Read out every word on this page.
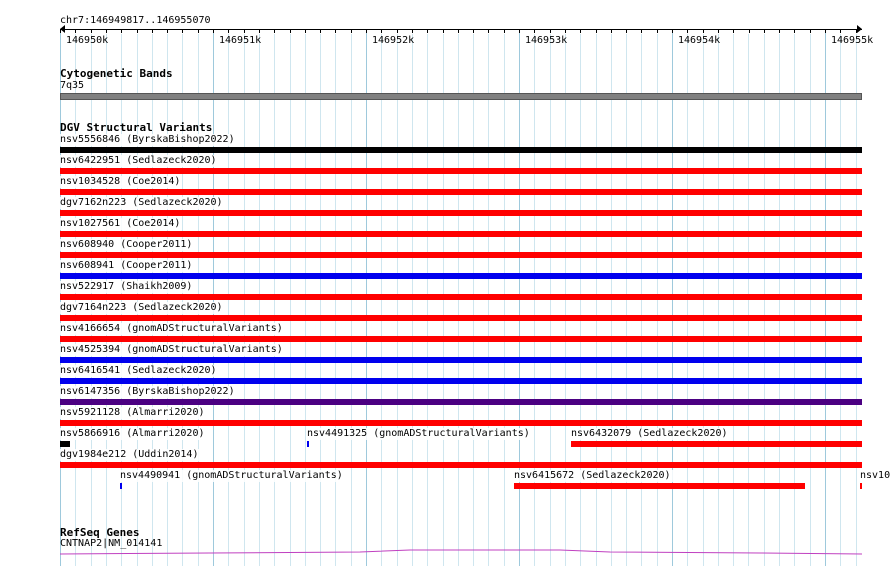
chr7:146949817..146955070
146950k	146951k	146952k	146953k	146954k	146955k
Cytogenetic Bands
7q35
DGV Structural Variants
nsv5556846 (ByrskaBishop2022)
nsv6422951 (Sedlazeck2020)
nsv1034528 (Coe2014)
dgv7162n223 (Sedlazeck2020)
nsv1027561 (Coe2014)
nsv608940 (Cooper2011)
nsv608941 (Cooper2011)
nsv522917 (Shaikh2009)
dgv7164n223 (Sedlazeck2020)
nsv4166654 (gnomADStructuralVariants)
nsv4525394 (gnomADStructuralVariants)
nsv6416541 (Sedlazeck2020)
nsv6147356 (ByrskaBishop2022)
nsv5921128 (Almarri2020)
nsv5866916 (Almarri2020)	nsv4491325 (gnomADStructuralVariants)	nsv6432079 (Sedlazeck2020)
dgv1984e212 (Uddin2014)
nsv4490941 (gnomADStructuralVariants)	nsv6415672 (Sedlazeck2020)	nsv10
RefSeq Genes
CNTNAP2|NM_014141
